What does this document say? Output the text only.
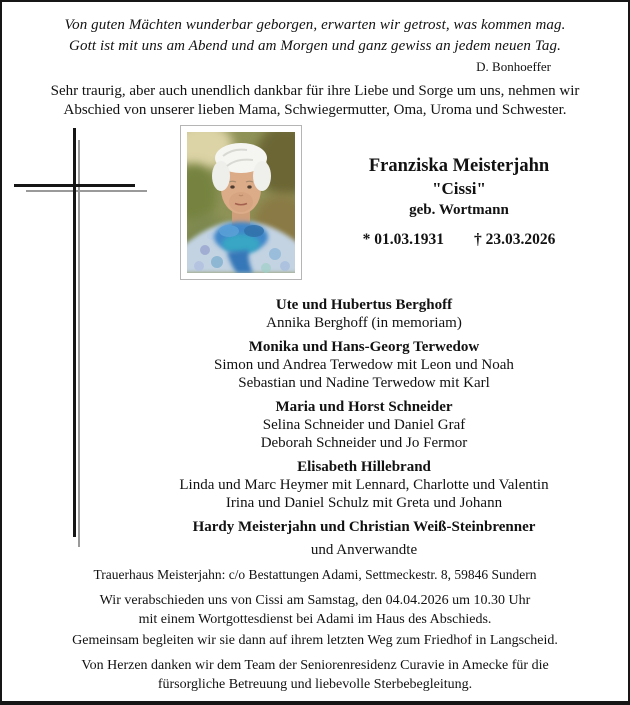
Von guten Mächten wunderbar geborgen, erwarten wir getrost, was kommen mag.
Gott ist mit uns am Abend und am Morgen und ganz gewiss an jedem neuen Tag.
D. Bonhoeffer
Sehr traurig, aber auch unendlich dankbar für ihre Liebe und Sorge um uns, nehmen wir
Abschied von unserer lieben Mama, Schwiegermutter, Oma, Uroma und Schwester.
Franziska Meisterjahn
"Cissi"
geb. Wortmann
* 01.03.1931 † 23.03.2026
Ute und Hubertus Berghoff
Annika Berghoff (in memoriam)
Monika und Hans-Georg Terwedow
Simon und Andrea Terwedow mit Leon und Noah
Sebastian und Nadine Terwedow mit Karl
Maria und Horst Schneider
Selina Schneider und Daniel Graf
Deborah Schneider und Jo Fermor
Elisabeth Hillebrand
Linda und Marc Heymer mit Lennard, Charlotte und Valentin
Irina und Daniel Schulz mit Greta und Johann
Hardy Meisterjahn und Christian Weiß-Steinbrenner
und Anverwandte
Trauerhaus Meisterjahn: c/o Bestattungen Adami, Settmeckestr. 8, 59846 Sundern
Wir verabschieden uns von Cissi am Samstag, den 04.04.2026 um 10.30 Uhr
mit einem Wortgottesdienst bei Adami im Haus des Abschieds.
Gemeinsam begleiten wir sie dann auf ihrem letzten Weg zum Friedhof in Langscheid.
Von Herzen danken wir dem Team der Seniorenresidenz Curavie in Amecke für die
fürsorgliche Betreuung und liebevolle Sterbebegleitung.
